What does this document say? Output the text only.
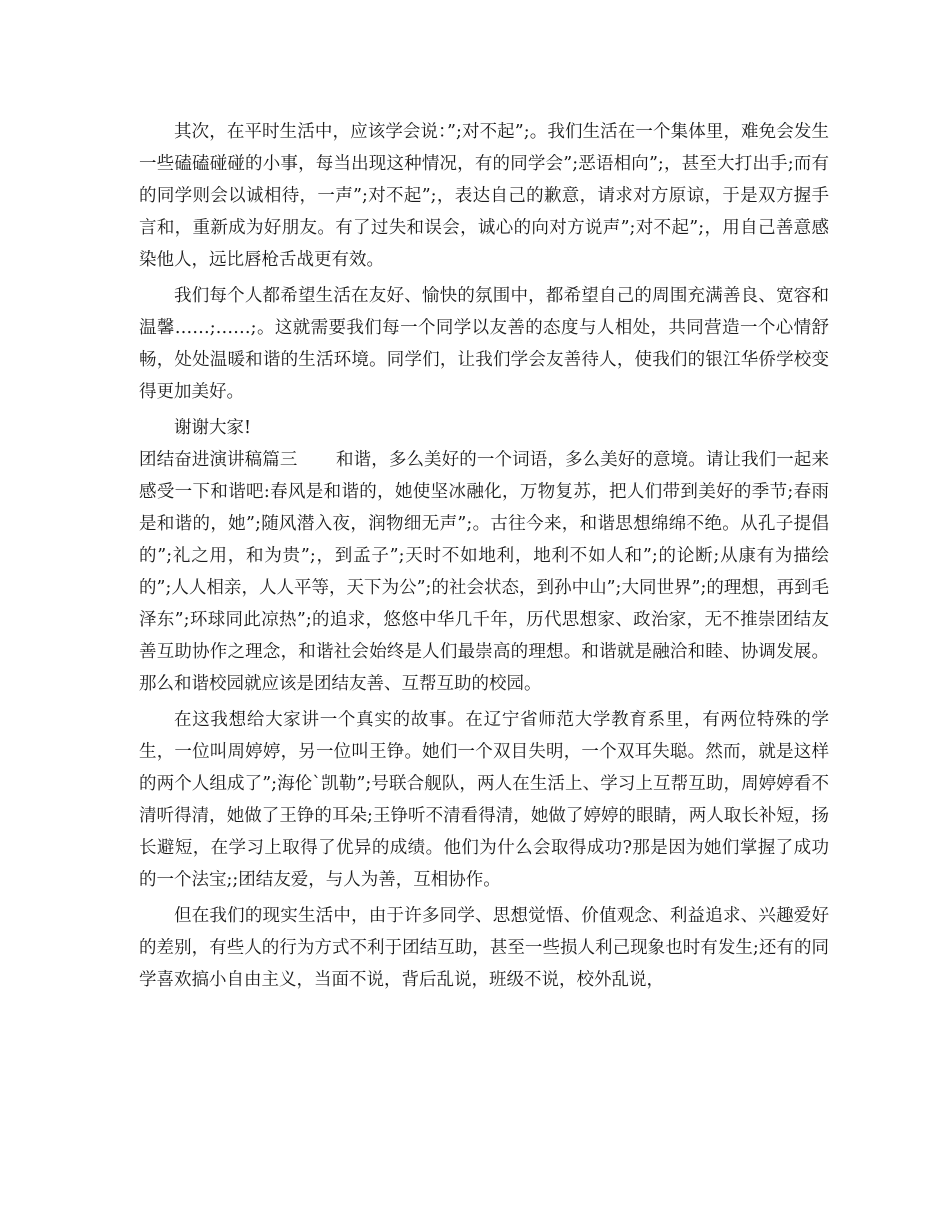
其次，在平时生活中，应该学会说：”;对不起”;。我们生活在一个集体里，难免会发生一些磕磕碰碰的小事，每当出现这种情况，有的同学会”;恶语相向”;，甚至大打出手;而有的同学则会以诚相待，一声”;对不起”;，表达自己的歉意，请求对方原谅，于是双方握手言和，重新成为好朋友。有了过失和误会，诚心的向对方说声”;对不起”;，用自己善意感染他人，远比唇枪舌战更有效。

我们每个人都希望生活在友好、愉快的氛围中，都希望自己的周围充满善良、宽容和温馨……;……;。这就需要我们每一个同学以友善的态度与人相处，共同营造一个心情舒畅，处处温暖和谐的生活环境。同学们，让我们学会友善待人，使我们的银江华侨学校变得更加美好。

谢谢大家!

团结奋进演讲稿篇三 和谐，多么美好的一个词语，多么美好的意境。请让我们一起来感受一下和谐吧:春风是和谐的，她使坚冰融化，万物复苏，把人们带到美好的季节;春雨是和谐的，她”;随风潜入夜，润物细无声”;。古往今来，和谐思想绵绵不绝。从孔子提倡的”;礼之用，和为贵”;，到孟子”;天时不如地利，地利不如人和”;的论断;从康有为描绘的”;人人相亲，人人平等，天下为公”;的社会状态，到孙中山”;大同世界”;的理想，再到毛泽东”;环球同此凉热”;的追求，悠悠中华几千年，历代思想家、政治家，无不推崇团结友善互助协作之理念，和谐社会始终是人们最崇高的理想。和谐就是融洽和睦、协调发展。那么和谐校园就应该是团结友善、互帮互助的校园。

在这我想给大家讲一个真实的故事。在辽宁省师范大学教育系里，有两位特殊的学生，一位叫周婷婷，另一位叫王铮。她们一个双目失明，一个双耳失聪。然而，就是这样的两个人组成了”;海伦`凯勒”;号联合舰队，两人在生活上、学习上互帮互助，周婷婷看不清听得清，她做了王铮的耳朵;王铮听不清看得清，她做了婷婷的眼睛，两人取长补短，扬长避短，在学习上取得了优异的成绩。他们为什么会取得成功?那是因为她们掌握了成功的一个法宝;;团结友爱，与人为善，互相协作。

但在我们的现实生活中，由于许多同学、思想觉悟、价值观念、利益追求、兴趣爱好的差别，有些人的行为方式不利于团结互助，甚至一些损人利己现象也时有发生;还有的同学喜欢搞小自由主义，当面不说，背后乱说，班级不说，校外乱说，
